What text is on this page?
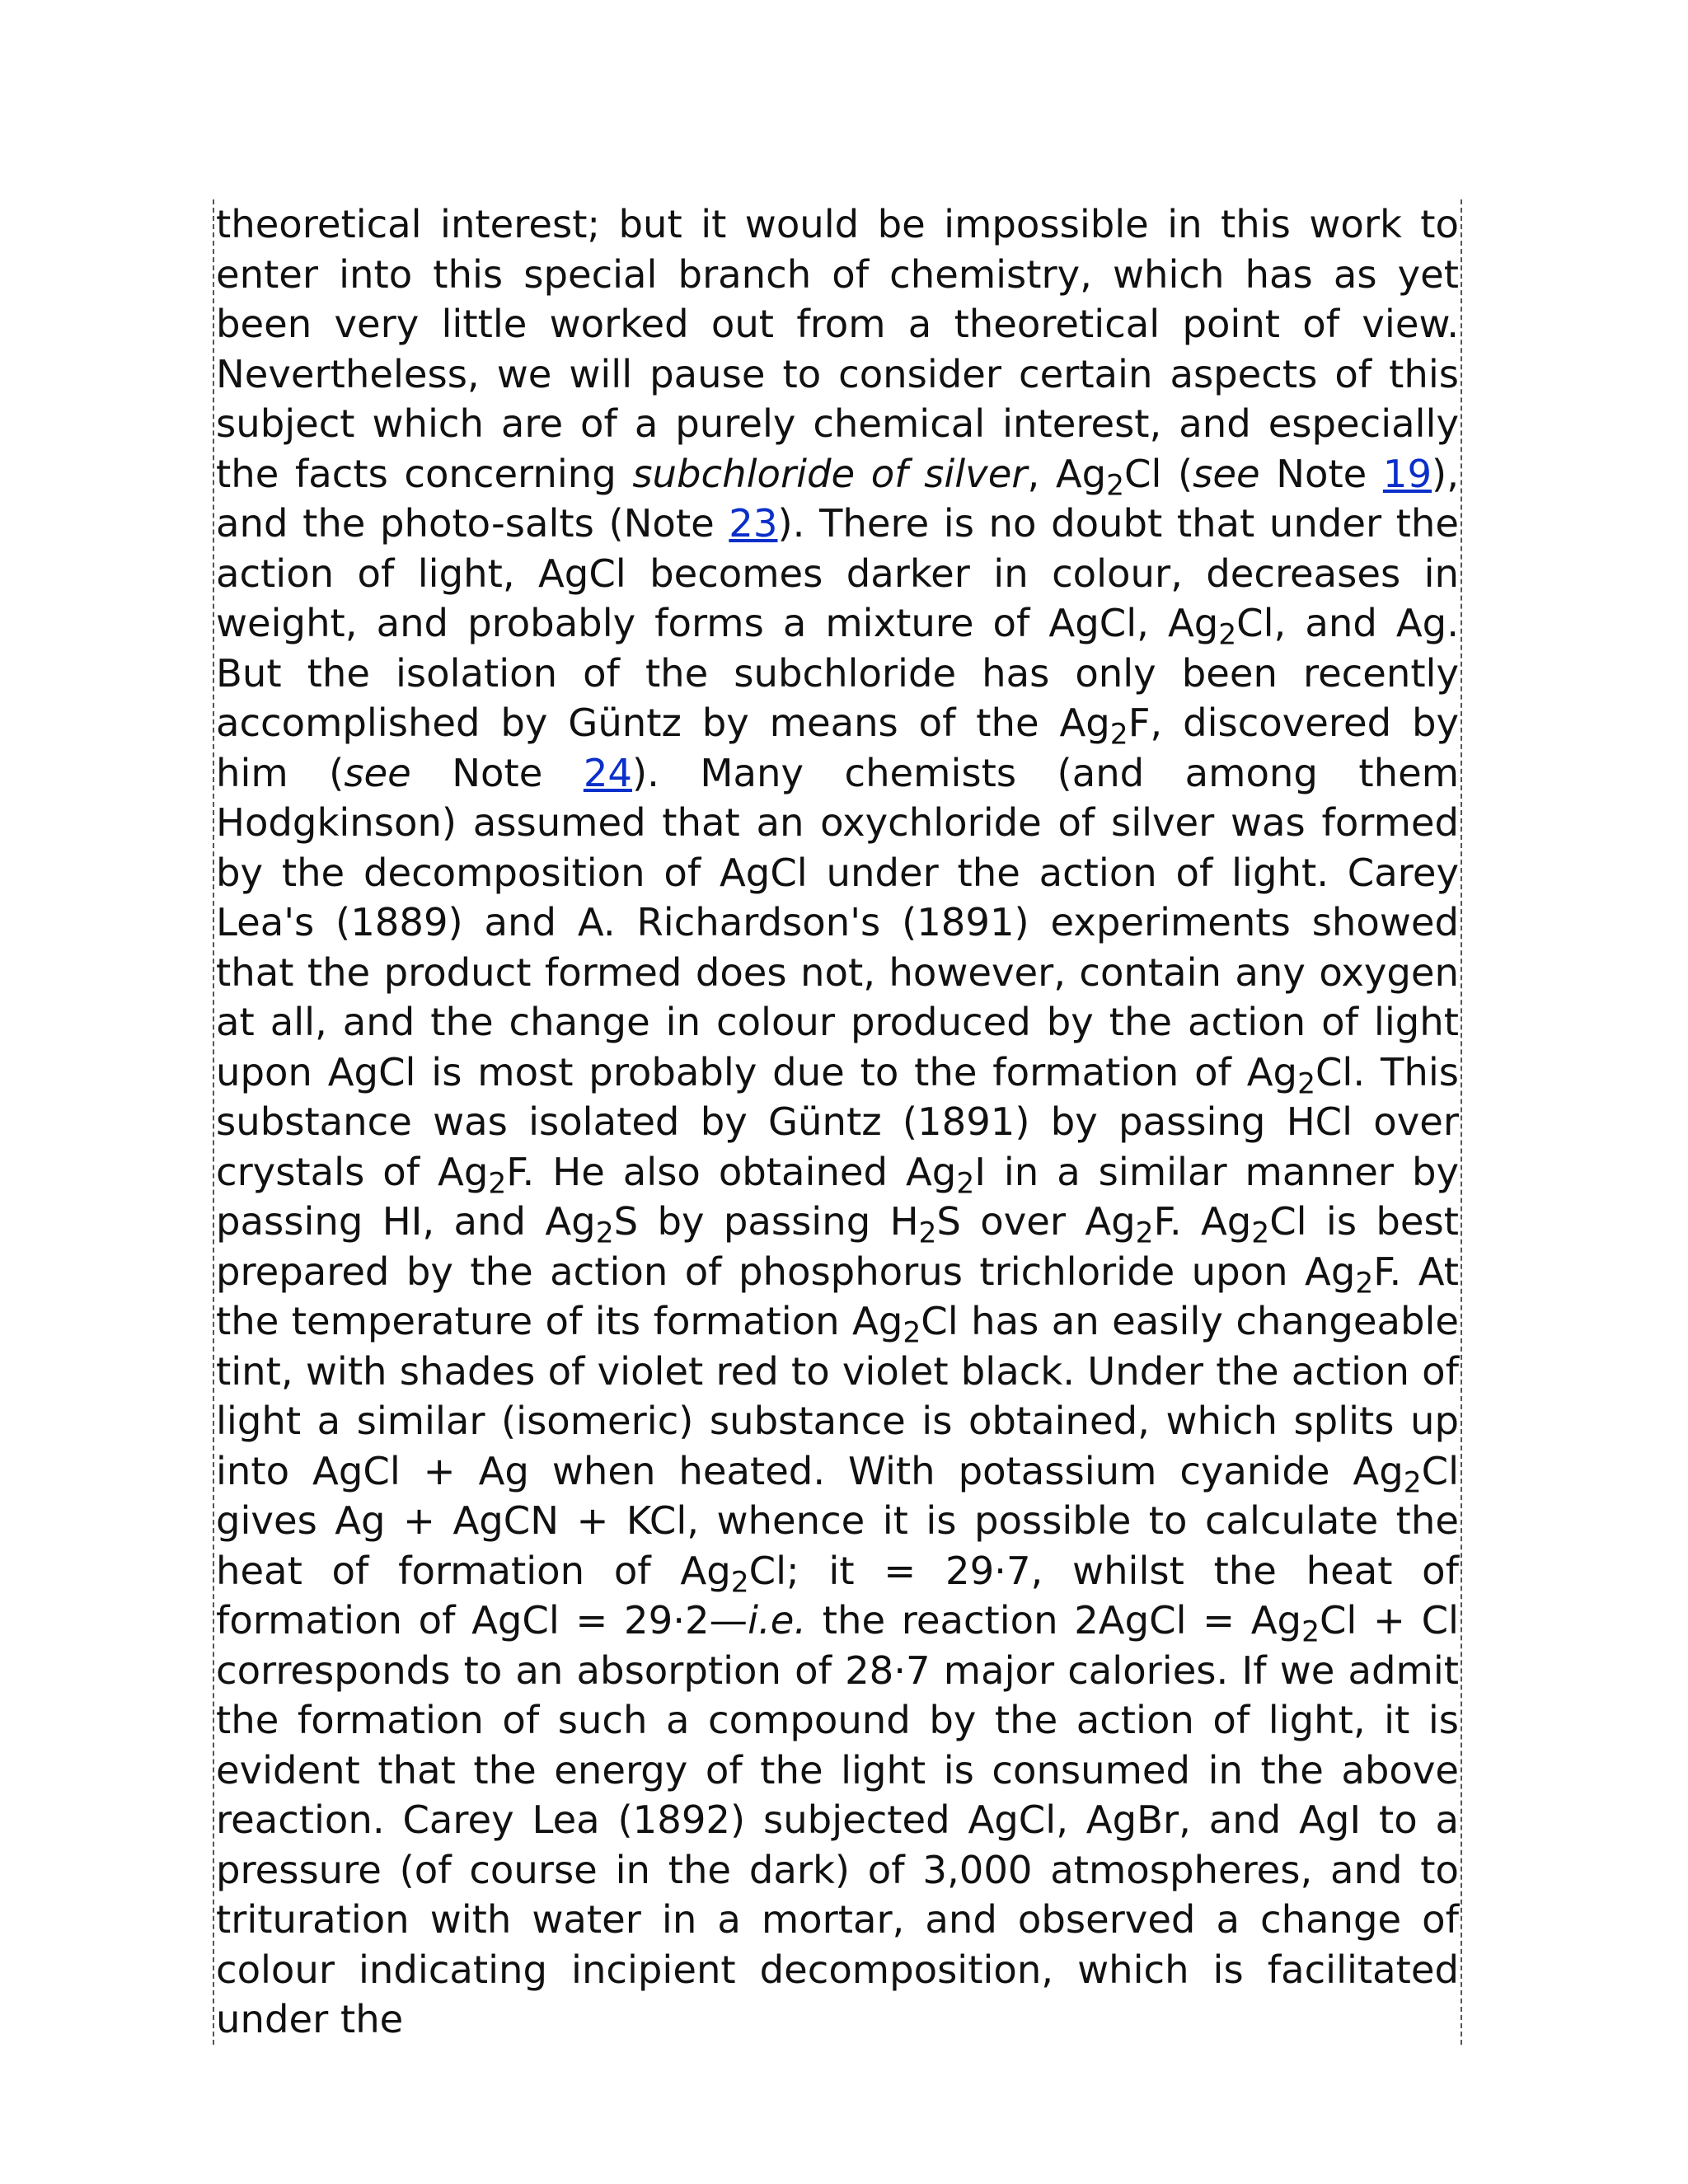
theoretical interest; but it would be impossible in this work to enter into this special branch of chemistry, which has as yet been very little worked out from a theoretical point of view. Nevertheless, we will pause to consider certain aspects of this subject which are of a purely chemical interest, and especially the facts concerning subchloride of silver, $Ag_2Cl$ (see Note 19), and the photo-salts (Note 23). There is no doubt that under the action of light, AgCl becomes darker in colour, decreases in weight, and probably forms a mixture of AgCl, $Ag_2Cl$, and Ag. But the isolation of the subchloride has only been recently accomplished by Güntz by means of the $Ag_2F$, discovered by him (see Note 24). Many chemists (and among them Hodgkinson) assumed that an oxychloride of silver was formed by the decomposition of AgCl under the action of light. Carey Lea's (1889) and A. Richardson's (1891) experiments showed that the product formed does not, however, contain any oxygen at all, and the change in colour produced by the action of light upon AgCl is most probably due to the formation of $Ag_2Cl$. This substance was isolated by Güntz (1891) by passing HCl over crystals of $Ag_2F$. He also obtained $Ag_2I$ in a similar manner by passing HI, and $Ag_2S$ by passing $H_2S$ over $Ag_2F$. $Ag_2Cl$ is best prepared by the action of phosphorus trichloride upon $Ag_2F$. At the temperature of its formation $Ag_2Cl$ has an easily changeable tint, with shades of violet red to violet black. Under the action of light a similar (isomeric) substance is obtained, which splits up into AgCl + Ag when heated. With potassium cyanide $Ag_2Cl$ gives Ag + AgCN + KCl, whence it is possible to calculate the heat of formation of $Ag_2Cl$; it = 29·7, whilst the heat of formation of AgCl = 29·2—i.e. the reaction 2AgCl = $Ag_2Cl + Cl$ corresponds to an absorption of 28·7 major calories. If we admit the formation of such a compound by the action of light, it is evident that the energy of the light is consumed in the above reaction. Carey Lea (1892) subjected AgCl, AgBr, and AgI to a pressure (of course in the dark) of 3,000 atmospheres, and to trituration with water in a mortar, and observed a change of colour indicating incipient decomposition, which is facilitated under the
